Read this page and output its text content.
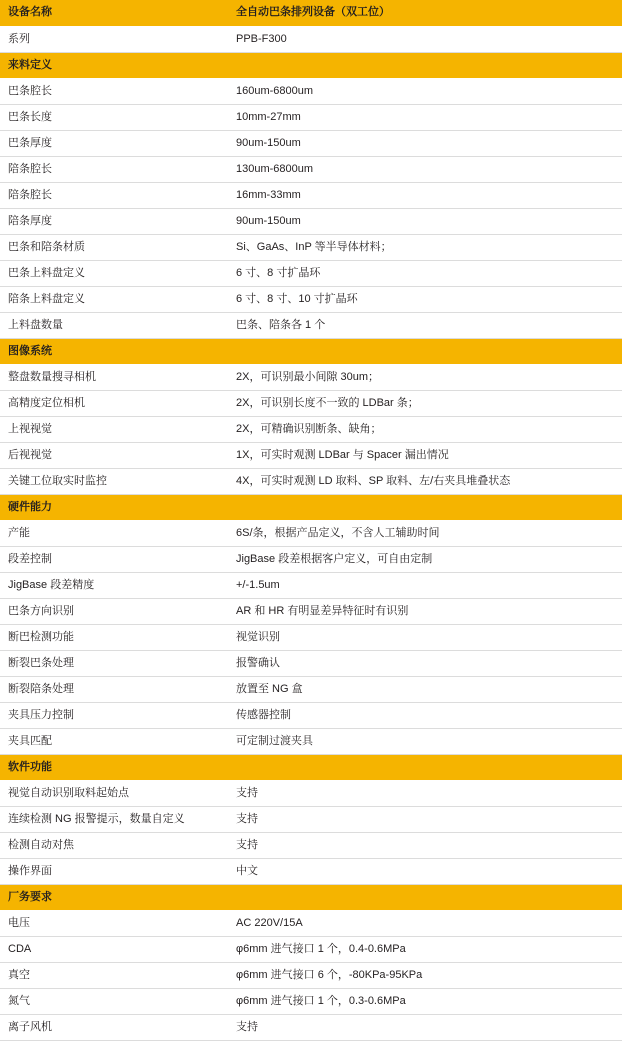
设备名称	全自动巴条排列设备（双工位）
系列	PPB-F300
来料定义	
巴条腔长	160um-6800um
巴条长度	10mm-27mm
巴条厚度	90um-150um
陪条腔长	130um-6800um
陪条腔长	16mm-33mm
陪条厚度	90um-150um
巴条和陪条材质	Si、GaAs、InP 等半导体材料；
巴条上料盘定义	6 寸、8 寸扩晶环
陪条上料盘定义	6 寸、8 寸、10 寸扩晶环
上料盘数量	巴条、陪条各 1 个
图像系统	
整盘数量搜寻相机	2X，可识别最小间隙 30um；
高精度定位相机	2X，可识别长度不一致的 LDBar 条；
上视视觉	2X，可精确识别断条、缺角；
后视视觉	1X，可实时观测 LDBar 与 Spacer 漏出情况
关键工位取实时监控	4X，可实时观测 LD 取料、SP 取料、左/右夹具堆叠状态
硬件能力	
产能	6S/条，根据产品定义，不含人工辅助时间
段差控制	JigBase 段差根据客户定义，可自由定制
JigBase 段差精度	+/-1.5um
巴条方向识别	AR 和 HR 有明显差异特征时有识别
断巴检测功能	视觉识别
断裂巴条处理	报警确认
断裂陪条处理	放置至 NG 盒
夹具压力控制	传感器控制
夹具匹配	可定制过渡夹具
软件功能	
视觉自动识别取料起始点	支持
连续检测 NG 报警提示，数量自定义	支持
检测自动对焦	支持
操作界面	中文
厂务要求	
电压	AC 220V/15A
CDA	φ6mm 进气接口 1 个，0.4-0.6MPa
真空	φ6mm 进气接口 6 个，-80KPa-95KPa
氮气	φ6mm 进气接口 1 个，0.3-0.6MPa
离子风机	支持
